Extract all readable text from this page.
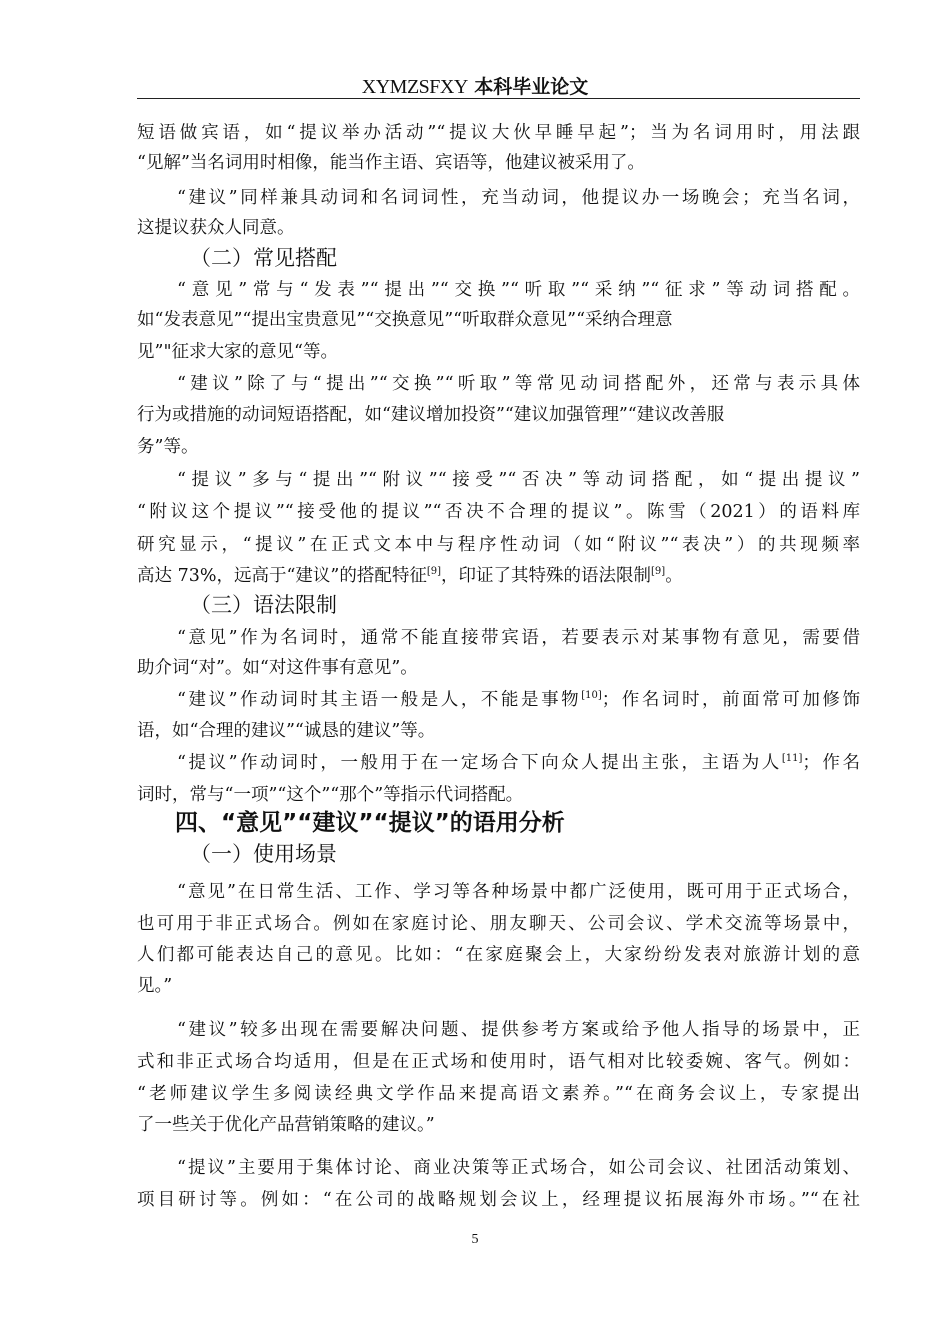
XYMZSFXY 本科毕业论文
短语做宾语，如“提议举办活动”“提议大伙早睡早起”；当为名词用时，用法跟
“见解”当名词用时相像，能当作主语、宾语等，他建议被采用了。
“建议”同样兼具动词和名词词性，充当动词，他提议办一场晚会；充当名词，
这提议获众人同意。
（二）常见搭配
“意见”常与“发表”“提出”“交换”“听取”“采纳”“征求”等动词搭配。
如“发表意见”“提出宝贵意见”“交换意见”“听取群众意见”“采纳合理意
见”"征求大家的意见“等。
“建议”除了与“提出”“交换”“听取”等常见动词搭配外，还常与表示具体
行为或措施的动词短语搭配，如“建议增加投资”“建议加强管理”“建议改善服
务”等。
“提议”多与“提出”“附议”“接受”“否决”等动词搭配，如“提出提议”
“附议这个提议”“接受他的提议”“否决不合理的提议”。陈雪（2021）的语料库
研究显示，“提议”在正式文本中与程序性动词（如“附议”“表决”）的共现频率
高达 73%，远高于“建议”的搭配特征[9]，印证了其特殊的语法限制[9]。
（三）语法限制
“意见”作为名词时，通常不能直接带宾语，若要表示对某事物有意见，需要借
助介词“对”。如“对这件事有意见”。
“建议”作动词时其主语一般是人，不能是事物[10]；作名词时，前面常可加修饰
语，如“合理的建议”“诚恳的建议”等。
“提议”作动词时，一般用于在一定场合下向众人提出主张，主语为人[11]；作名
词时，常与“一项”“这个”“那个”等指示代词搭配。
四、“意见”“建议”“提议”的语用分析
（一）使用场景
“意见”在日常生活、工作、学习等各种场景中都广泛使用，既可用于正式场合，
也可用于非正式场合。例如在家庭讨论、朋友聊天、公司会议、学术交流等场景中，
人们都可能表达自己的意见。比如：“在家庭聚会上，大家纷纷发表对旅游计划的意
见。”
“建议”较多出现在需要解决问题、提供参考方案或给予他人指导的场景中，正
式和非正式场合均适用，但是在正式场和使用时，语气相对比较委婉、客气。例如：
“老师建议学生多阅读经典文学作品来提高语文素养。”“在商务会议上，专家提出
了一些关于优化产品营销策略的建议。”
“提议”主要用于集体讨论、商业决策等正式场合，如公司会议、社团活动策划、
项目研讨等。例如：“在公司的战略规划会议上，经理提议拓展海外市场。”“在社
5
